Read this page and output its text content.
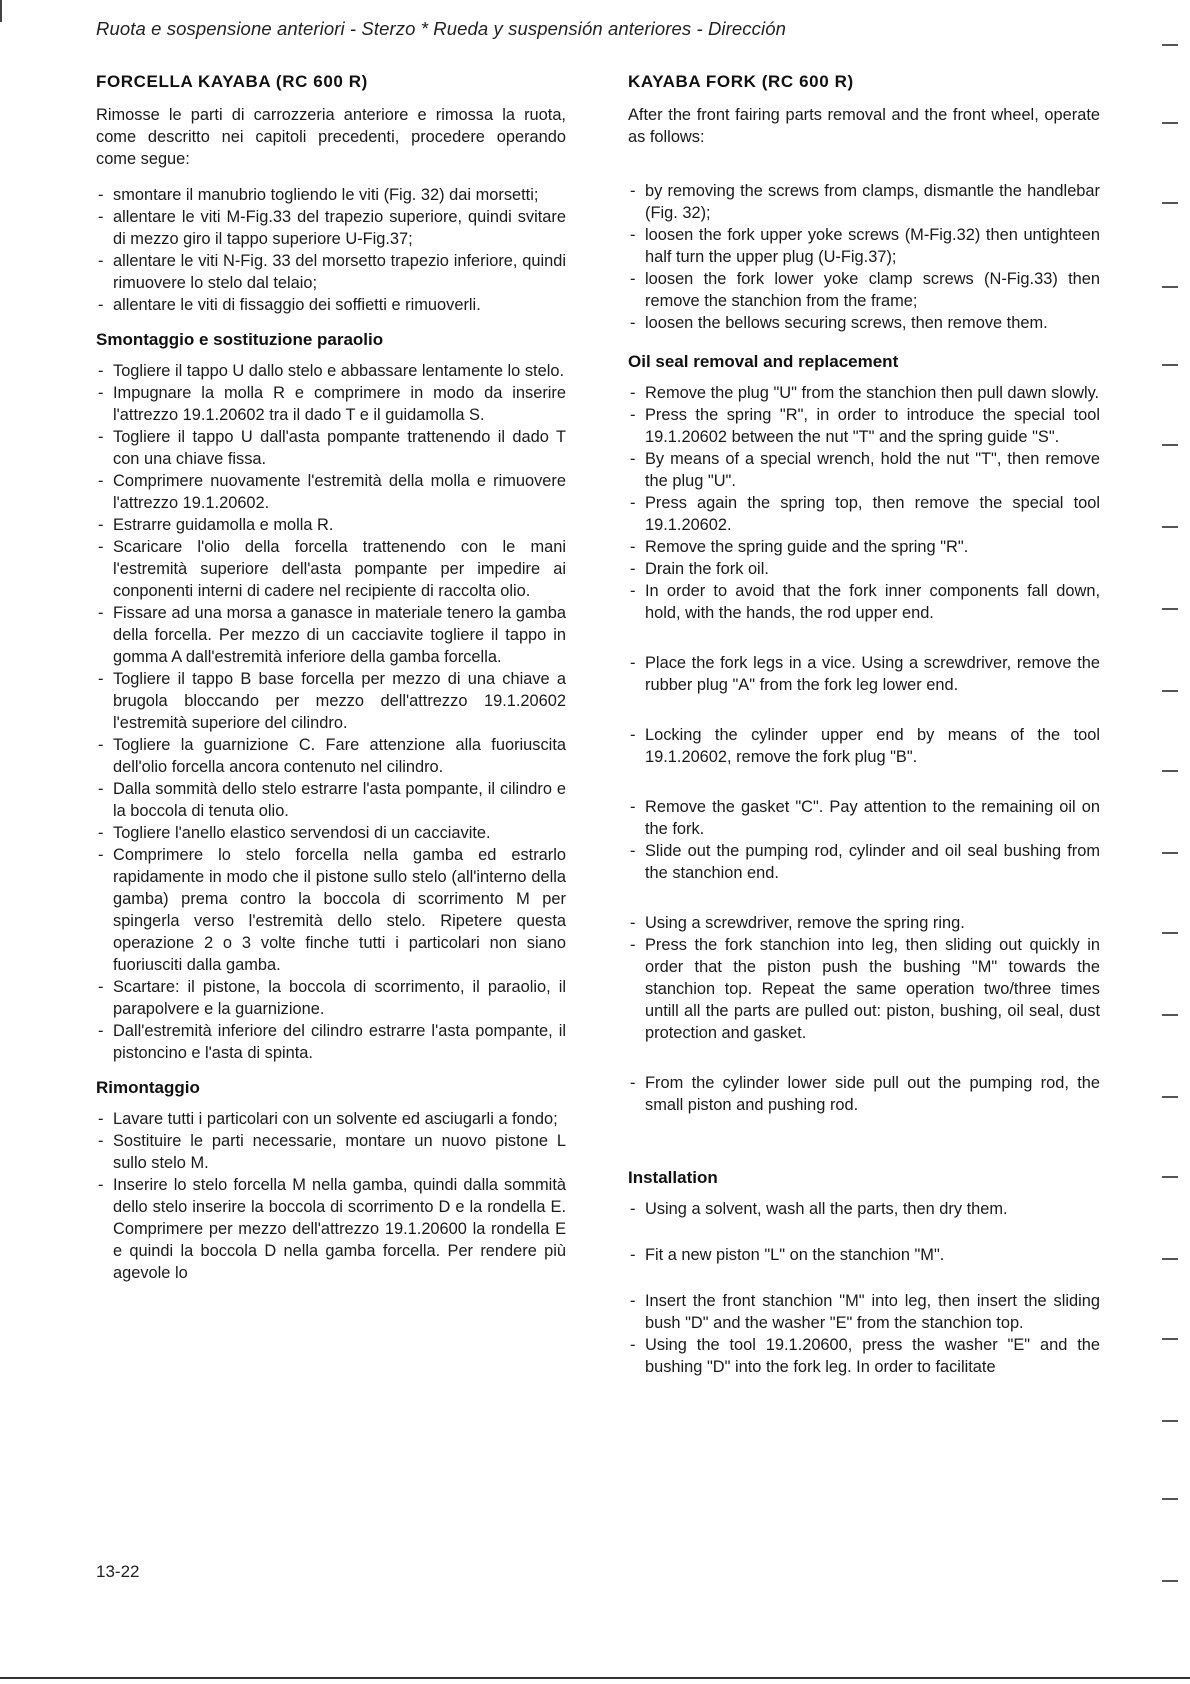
Ruota e sospensione anteriori - Sterzo * Rueda y suspensión anteriores - Dirección
FORCELLA KAYABA (RC 600 R)

Rimosse le parti di carrozzeria anteriore e rimossa la ruota, come descritto nei capitoli precedenti, procedere operando come segue:

- smontare il manubrio togliendo le viti (Fig. 32) dai morsetti;
- allentare le viti M-Fig.33 del trapezio superiore, quindi svitare di mezzo giro il tappo superiore U-Fig.37;
- allentare le viti N-Fig. 33 del morsetto trapezio inferiore, quindi rimuovere lo stelo dal telaio;
- allentare le viti di fissaggio dei soffietti e rimuoverli.
Smontaggio e sostituzione paraolio
- Togliere il tappo U dallo stelo e abbassare lentamente lo stelo.
- Impugnare la molla R e comprimere in modo da inserire l'attrezzo 19.1.20602 tra il dado T e il guidamolla S.
- Togliere il tappo U dall'asta pompante trattenendo il dado T con una chiave fissa.
- Comprimere nuovamente l'estremità della molla e rimuovere l'attrezzo 19.1.20602.
- Estrarre guidamolla e molla R.
- Scaricare l'olio della forcella trattenendo con le mani l'estremità superiore dell'asta pompante per impedire ai conponenti interni di cadere nel recipiente di raccolta olio.
- Fissare ad una morsa a ganasce in materiale tenero la gamba della forcella. Per mezzo di un cacciavite togliere il tappo in gomma A dall'estremità inferiore della gamba forcella.
- Togliere il tappo B base forcella per mezzo di una chiave a brugola bloccando per mezzo dell'attrezzo 19.1.20602 l'estremità superiore del cilindro.
- Togliere la guarnizione C. Fare attenzione alla fuoriuscita dell'olio forcella ancora contenuto nel cilindro.
- Dalla sommità dello stelo estrarre l'asta pompante, il cilindro e la boccola di tenuta olio.
- Togliere l'anello elastico servendosi di un cacciavite.
- Comprimere lo stelo forcella nella gamba ed estrarlo rapidamente in modo che il pistone sullo stelo (all'interno della gamba) prema contro la boccola di scorrimento M per spingerla verso l'estremità dello stelo. Ripetere questa operazione 2 o 3 volte finche tutti i particolari non siano fuoriusciti dalla gamba.
- Scartare: il pistone, la boccola di scorrimento, il paraolio, il parapolvere e la guarnizione.
- Dall'estremità inferiore del cilindro estrarre l'asta pompante, il pistoncino e l'asta di spinta.
Rimontaggio
- Lavare tutti i particolari con un solvente ed asciugarli a fondo;
- Sostituire le parti necessarie, montare un nuovo pistone L sullo stelo M.
- Inserire lo stelo forcella M nella gamba, quindi dalla sommità dello stelo inserire la boccola di scorrimento D e la rondella E. Comprimere per mezzo dell'attrezzo 19.1.20600 la rondella E e quindi la boccola D nella gamba forcella. Per rendere più agevole lo
KAYABA FORK (RC 600 R)

After the front fairing parts removal and the front wheel, operate as follows:

- by removing the screws from clamps, dismantle the handlebar (Fig. 32);
- loosen the fork upper yoke screws (M-Fig.32) then untighteen half turn the upper plug (U-Fig.37);
- loosen the fork lower yoke clamp screws (N-Fig.33) then remove the stanchion from the frame;
- loosen the bellows securing screws, then remove them.
Oil seal removal and replacement
- Remove the plug "U" from the stanchion then pull dawn slowly.
- Press the spring "R", in order to introduce the special tool 19.1.20602 between the nut "T" and the spring guide "S".
- By means of a special wrench, hold the nut "T", then remove the plug "U".
- Press again the spring top, then remove the special tool 19.1.20602.
- Remove the spring guide and the spring "R".
- Drain the fork oil.
- In order to avoid that the fork inner components fall down, hold, with the hands, the rod upper end.
- Place the fork legs in a vice. Using a screwdriver, remove the rubber plug "A" from the fork leg lower end.
- Locking the cylinder upper end by means of the tool 19.1.20602, remove the fork plug "B".
- Remove the gasket "C". Pay attention to the remaining oil on the fork.
- Slide out the pumping rod, cylinder and oil seal bushing from the stanchion end.
- Using a screwdriver, remove the spring ring.
- Press the fork stanchion into leg, then sliding out quickly in order that the piston push the bushing "M" towards the stanchion top. Repeat the same operation two/three times untill all the parts are pulled out: piston, bushing, oil seal, dust protection and gasket.
- From the cylinder lower side pull out the pumping rod, the small piston and pushing rod.
Installation
- Using a solvent, wash all the parts, then dry them.
- Fit a new piston "L" on the stanchion "M".
- Insert the front stanchion "M" into leg, then insert the sliding bush "D" and the washer "E" from the stanchion top.
- Using the tool 19.1.20600, press the washer "E" and the bushing "D" into the fork leg. In order to facilitate
13-22
